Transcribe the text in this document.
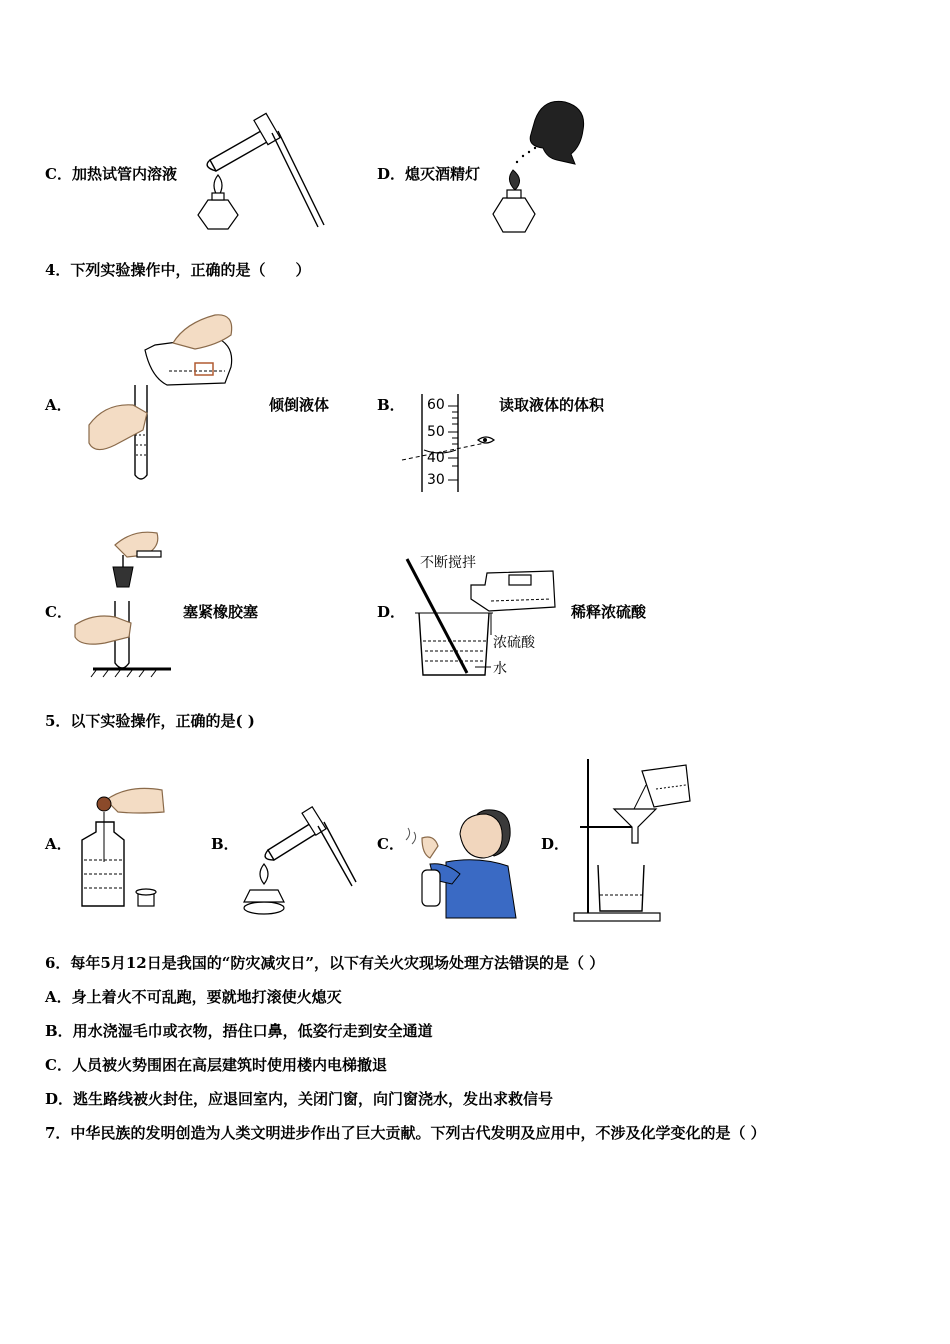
C．加热试管内溶液	D．熄灭酒精灯
4．下列实验操作中，正确的是（　　）
A．	倾倒液体	B． 60
50
40
30
读取液体的体积
C．	塞紧橡胶塞	D．
不断搅拌
浓硫酸
水
稀释浓硫酸
5．以下实验操作，正确的是( )
A．	B．	C．	D．
6．每年5月12日是我国的“防灾减灾日”，以下有关火灾现场处理方法错误的是（ ）
A．身上着火不可乱跑，要就地打滚使火熄灭
B．用水浇湿毛巾或衣物，捂住口鼻，低姿行走到安全通道
C．人员被火势围困在高层建筑时使用楼内电梯撤退
D．逃生路线被火封住，应退回室内，关闭门窗，向门窗浇水，发出求救信号
7．中华民族的发明创造为人类文明进步作出了巨大贡献。下列古代发明及应用中，不涉及化学变化的是（ ）
